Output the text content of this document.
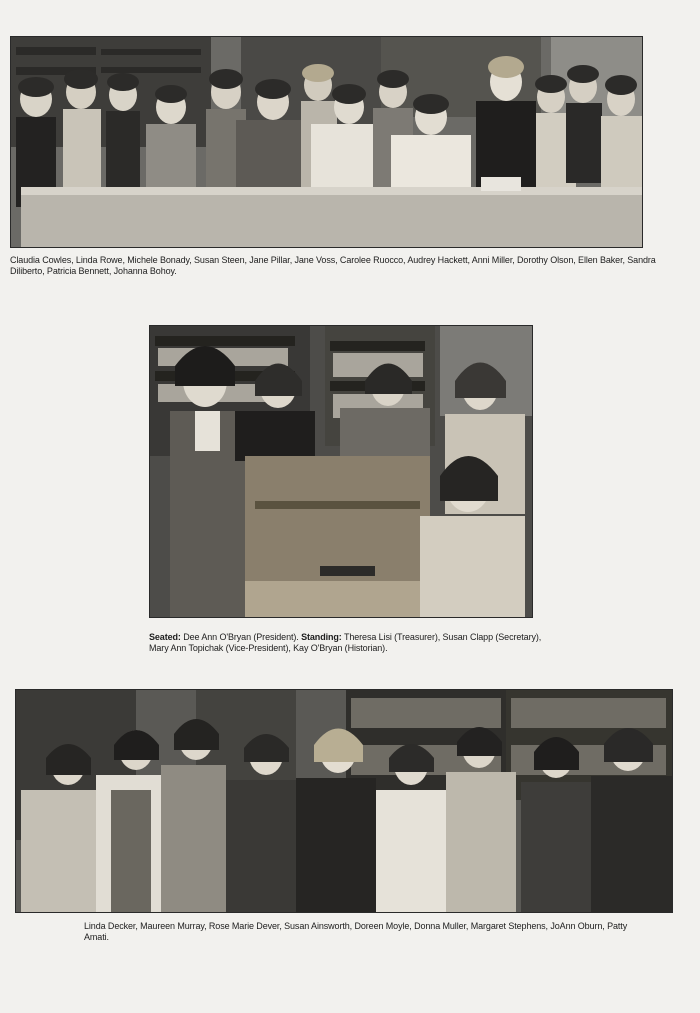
Claudia Cowles, Linda Rowe, Michele Bonady, Susan Steen, Jane Pillar, Jane Voss, Carolee Ruocco, Audrey Hackett, Anni Miller, Dorothy Olson, Ellen Baker, Sandra Diliberto, Patricia Bennett, Johanna Bohoy.
Seated: Dee Ann O'Bryan (President). Standing: Theresa Lisi (Treasurer), Susan Clapp (Secretary), Mary Ann Topichak (Vice-President), Kay O'Bryan (Historian).
Linda Decker, Maureen Murray, Rose Marie Dever, Susan Ainsworth, Doreen Moyle, Donna Muller, Margaret Stephens, JoAnn Oburn, Patty Amati.
